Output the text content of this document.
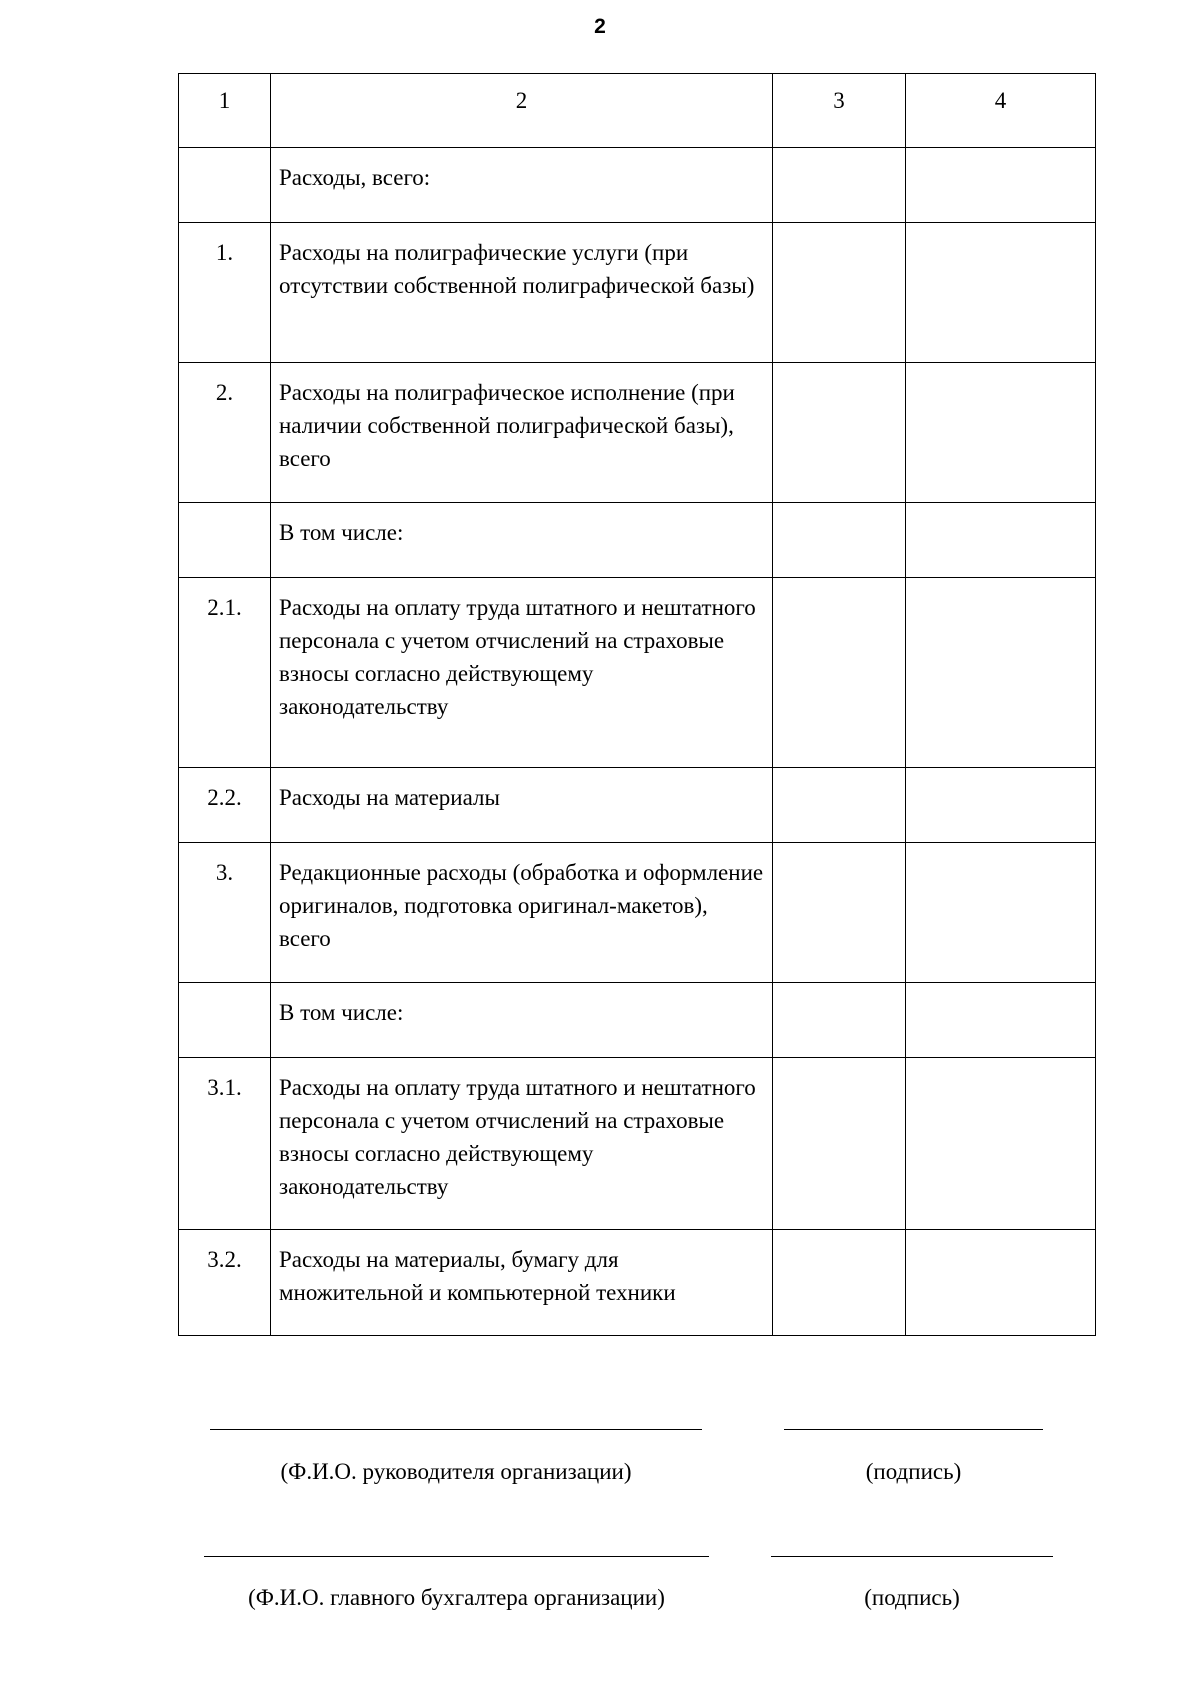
2
1	2	3	4
	Расходы, всего:		
1.	Расходы на полиграфические услуги (при отсутствии собственной полиграфической базы)		
2.	Расходы на полиграфическое исполнение (при наличии собственной полиграфической базы), всего		
	В том числе:		
2.1.	Расходы на оплату труда штатного и нештатного персонала с учетом отчислений на страховые взносы согласно действующему законодательству		
2.2.	Расходы на материалы		
3.	Редакционные расходы (обработка и оформление оригиналов, подготовка оригинал-макетов), всего		
	В том числе:		
3.1.	Расходы на оплату труда штатного и нештатного персонала с учетом отчислений на страховые взносы согласно действующему законодательству		
3.2.	Расходы на материалы, бумагу для множительной и компьютерной техники		
(Ф.И.О. руководителя организации)	(подпись)
(Ф.И.О. главного бухгалтера организации)	(подпись)
